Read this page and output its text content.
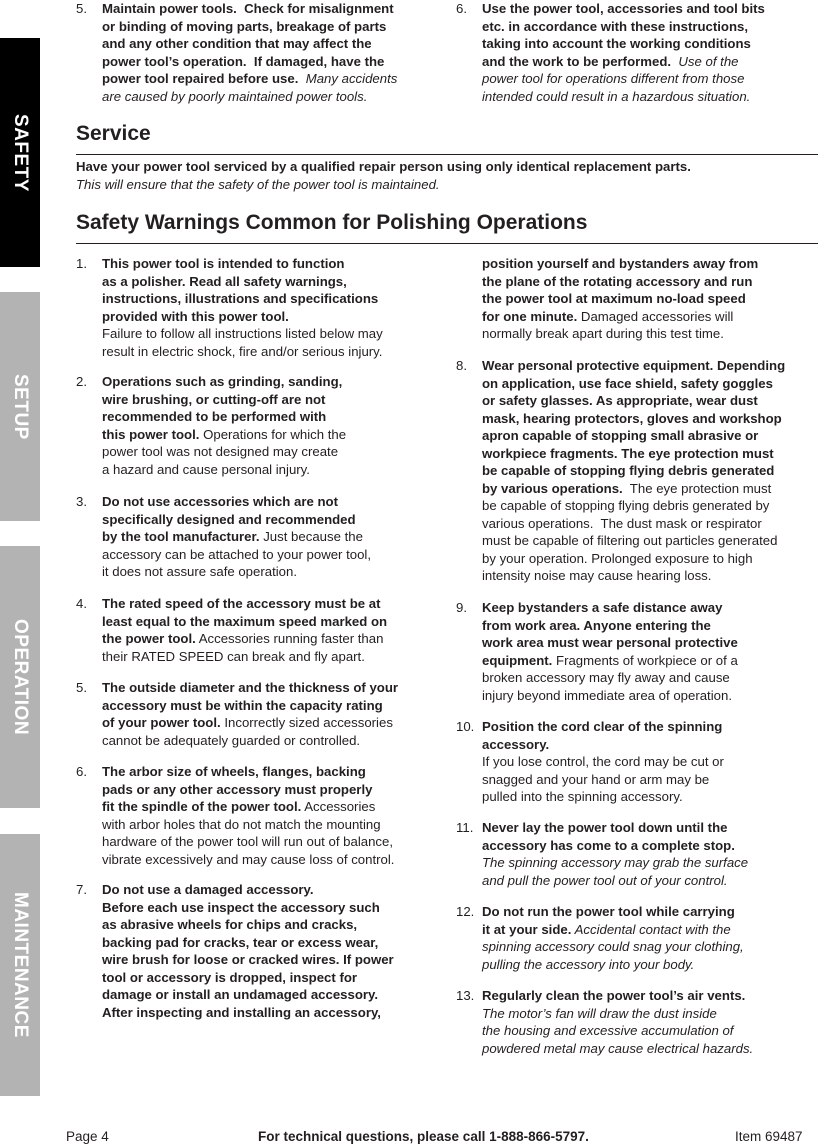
SAFETY
SETUP
OPERATION
MAINTENANCE
5. Maintain power tools.  Check for misalignment
or binding of moving parts, breakage of parts
and any other condition that may affect the
power tool’s operation.  If damaged, have the
power tool repaired before use.  Many accidents
are caused by poorly maintained power tools.
6. Use the power tool, accessories and tool bits
etc. in accordance with these instructions,
taking into account the working conditions
and the work to be performed.  Use of the
power tool for operations different from those
intended could result in a hazardous situation.
Service
Have your power tool serviced by a qualified repair person using only identical replacement parts.
This will ensure that the safety of the power tool is maintained.
Safety Warnings Common for Polishing Operations
1. This power tool is intended to function
as a polisher. Read all safety warnings,
instructions, illustrations and specifications
provided with this power tool.
Failure to follow all instructions listed below may
result in electric shock, fire and/or serious injury.
2. Operations such as grinding, sanding,
wire brushing, or cutting-off are not
recommended to be performed with
this power tool. Operations for which the
power tool was not designed may create
a hazard and cause personal injury.
3. Do not use accessories which are not
specifically designed and recommended
by the tool manufacturer. Just because the
accessory can be attached to your power tool,
it does not assure safe operation.
4. The rated speed of the accessory must be at
least equal to the maximum speed marked on
the power tool. Accessories running faster than
their RATED SPEED can break and fly apart.
5. The outside diameter and the thickness of your
accessory must be within the capacity rating
of your power tool. Incorrectly sized accessories
cannot be adequately guarded or controlled.
6. The arbor size of wheels, flanges, backing
pads or any other accessory must properly
fit the spindle of the power tool. Accessories
with arbor holes that do not match the mounting
hardware of the power tool will run out of balance,
vibrate excessively and may cause loss of control.
7. Do not use a damaged accessory.
Before each use inspect the accessory such
as abrasive wheels for chips and cracks,
backing pad for cracks, tear or excess wear,
wire brush for loose or cracked wires. If power
tool or accessory is dropped, inspect for
damage or install an undamaged accessory.
After inspecting and installing an accessory,
position yourself and bystanders away from
the plane of the rotating accessory and run
the power tool at maximum no-load speed
for one minute. Damaged accessories will
normally break apart during this test time.
8. Wear personal protective equipment. Depending
on application, use face shield, safety goggles
or safety glasses. As appropriate, wear dust
mask, hearing protectors, gloves and workshop
apron capable of stopping small abrasive or
workpiece fragments. The eye protection must
be capable of stopping flying debris generated
by various operations.  The eye protection must
be capable of stopping flying debris generated by
various operations.  The dust mask or respirator
must be capable of filtering out particles generated
by your operation. Prolonged exposure to high
intensity noise may cause hearing loss.
9. Keep bystanders a safe distance away
from work area. Anyone entering the
work area must wear personal protective
equipment. Fragments of workpiece or of a
broken accessory may fly away and cause
injury beyond immediate area of operation.
10. Position the cord clear of the spinning
accessory.
If you lose control, the cord may be cut or
snagged and your hand or arm may be
pulled into the spinning accessory.
11. Never lay the power tool down until the
accessory has come to a complete stop.
The spinning accessory may grab the surface
and pull the power tool out of your control.
12. Do not run the power tool while carrying
it at your side. Accidental contact with the
spinning accessory could snag your clothing,
pulling the accessory into your body.
13. Regularly clean the power tool’s air vents.
The motor’s fan will draw the dust inside
the housing and excessive accumulation of
powdered metal may cause electrical hazards.
Page 4	For technical questions, please call 1-888-866-5797.	Item 69487
